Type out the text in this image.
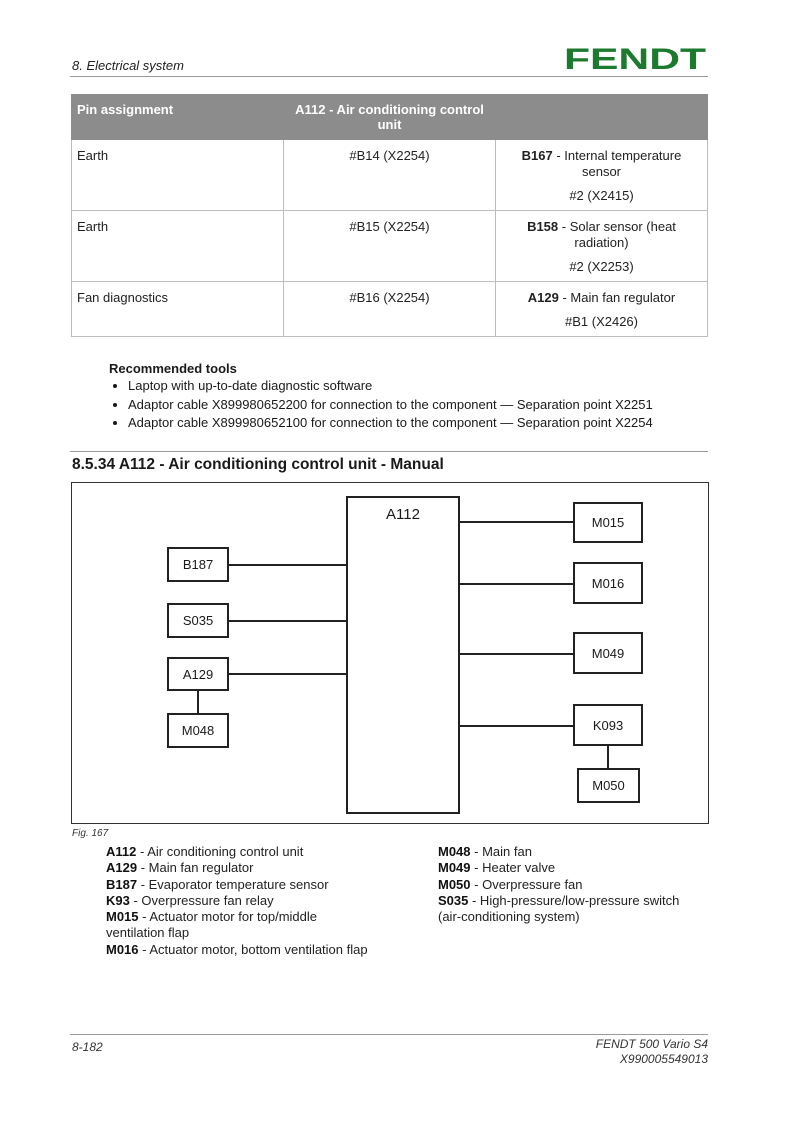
8. Electrical system	FENDT
Pin assignment	A112 - Air conditioning control unit	
Earth	#B14 (X2254)	B167 - Internal temperature sensor
#2 (X2415)

Earth	#B15 (X2254)	B158 - Solar sensor (heat radiation)
#2 (X2253)

Fan diagnostics	#B16 (X2254)	A129 - Main fan regulator
#B1 (X2426)
Recommended tools
• Laptop with up-to-date diagnostic software
• Adaptor cable X899980652200 for connection to the component — Separation point X2251
• Adaptor cable X899980652100 for connection to the component — Separation point X2254
8.5.34 A112 - Air conditioning control unit - Manual
A112
B187
S035
A129
M048
M015
M016
M049
K093
M050
Fig. 167
A112 - Air conditioning control unit
A129 - Main fan regulator
B187 - Evaporator temperature sensor
K93 - Overpressure fan relay
M015 - Actuator motor for top/middle ventilation flap
M016 - Actuator motor, bottom ventilation flap
M048 - Main fan
M049 - Heater valve
M050 - Overpressure fan
S035 - High-pressure/low-pressure switch (air-conditioning system)
8-182	FENDT 500 Vario S4
X990005549013
